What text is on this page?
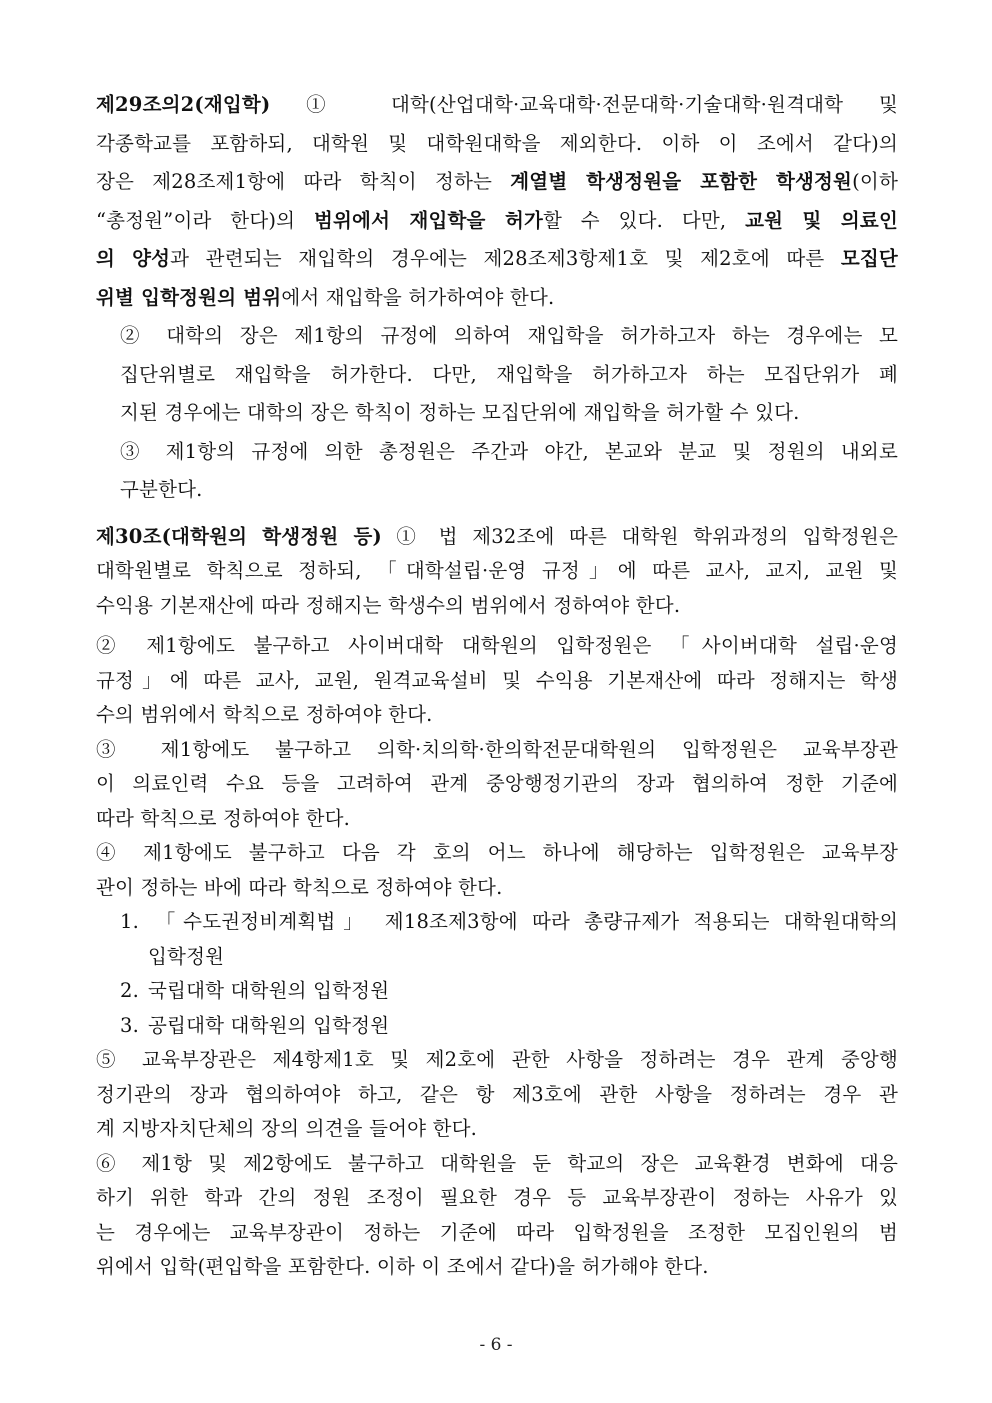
제29조의2(재입학) ① 대학(산업대학·교육대학·전문대학·기술대학·원격대학 및

각종학교를 포함하되, 대학원 및 대학원대학을 제외한다. 이하 이 조에서 같다)의

장은 제28조제1항에 따라 학칙이 정하는 계열별 학생정원을 포함한 학생정원(이하

“총정원”이라 한다)의 범위에서 재입학을 허가할 수 있다. 다만, 교원 및 의료인

의 양성과 관련되는 재입학의 경우에는 제28조제3항제1호 및 제2호에 따른 모집단

위별 입학정원의 범위에서 재입학을 허가하여야 한다.

② 대학의 장은 제1항의 규정에 의하여 재입학을 허가하고자 하는 경우에는 모

집단위별로 재입학을 허가한다. 다만, 재입학을 허가하고자 하는 모집단위가 폐

지된 경우에는 대학의 장은 학칙이 정하는 모집단위에 재입학을 허가할 수 있다.

③ 제1항의 규정에 의한 총정원은 주간과 야간, 본교와 분교 및 정원의 내외로

구분한다.

제30조(대학원의 학생정원 등) ① 법 제32조에 따른 대학원 학위과정의 입학정원은

대학원별로 학칙으로 정하되, 「대학설립·운영 규정」에 따른 교사, 교지, 교원 및

수익용 기본재산에 따라 정해지는 학생수의 범위에서 정하여야 한다.

② 제1항에도 불구하고 사이버대학 대학원의 입학정원은 「사이버대학 설립·운영

규정」에 따른 교사, 교원, 원격교육설비 및 수익용 기본재산에 따라 정해지는 학생

수의 범위에서 학칙으로 정하여야 한다.

③ 제1항에도 불구하고 의학·치의학·한의학전문대학원의 입학정원은 교육부장관

이 의료인력 수요 등을 고려하여 관계 중앙행정기관의 장과 협의하여 정한 기준에

따라 학칙으로 정하여야 한다.

④ 제1항에도 불구하고 다음 각 호의 어느 하나에 해당하는 입학정원은 교육부장

관이 정하는 바에 따라 학칙으로 정하여야 한다.

1. 「수도권정비계획법」 제18조제3항에 따라 총량규제가 적용되는 대학원대학의

입학정원

2. 국립대학 대학원의 입학정원

3. 공립대학 대학원의 입학정원

⑤ 교육부장관은 제4항제1호 및 제2호에 관한 사항을 정하려는 경우 관계 중앙행

정기관의 장과 협의하여야 하고, 같은 항 제3호에 관한 사항을 정하려는 경우 관

계 지방자치단체의 장의 의견을 들어야 한다.

⑥ 제1항 및 제2항에도 불구하고 대학원을 둔 학교의 장은 교육환경 변화에 대응

하기 위한 학과 간의 정원 조정이 필요한 경우 등 교육부장관이 정하는 사유가 있

는 경우에는 교육부장관이 정하는 기준에 따라 입학정원을 조정한 모집인원의 범

위에서 입학(편입학을 포함한다. 이하 이 조에서 같다)을 허가해야 한다.

- 6 -
